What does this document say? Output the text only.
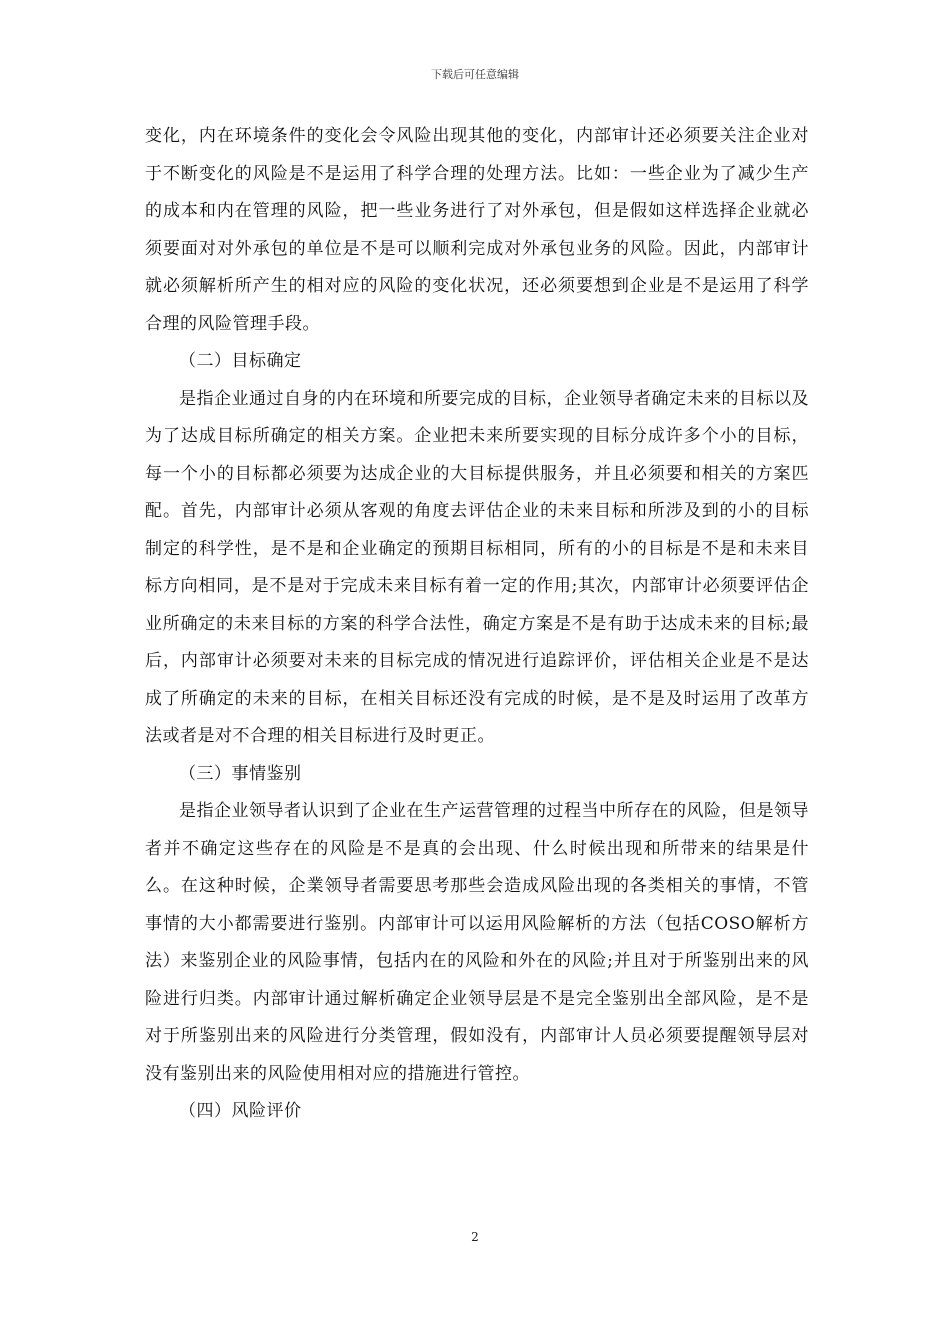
下载后可任意编辑

变化，内在环境条件的变化会令风险出现其他的变化，内部审计还必须要关注企业对于不断变化的风险是不是运用了科学合理的处理方法。比如：一些企业为了减少生产的成本和内在管理的风险，把一些业务进行了对外承包，但是假如这样选择企业就必须要面对对外承包的单位是不是可以顺利完成对外承包业务的风险。因此，内部审计就必须解析所产生的相对应的风险的变化状况，还必须要想到企业是不是运用了科学合理的风险管理手段。

（二）目标确定

是指企业通过自身的内在环境和所要完成的目标，企业领导者确定未来的目标以及为了达成目标所确定的相关方案。企业把未来所要实现的目标分成许多个小的目标，每一个小的目标都必须要为达成企业的大目标提供服务，并且必须要和相关的方案匹配。首先，内部审计必须从客观的角度去评估企业的未来目标和所涉及到的小的目标制定的科学性，是不是和企业确定的预期目标相同，所有的小的目标是不是和未来目标方向相同，是不是对于完成未来目标有着一定的作用;其次，内部审计必须要评估企业所确定的未来目标的方案的科学合法性，确定方案是不是有助于达成未来的目标;最后，内部审计必须要对未来的目标完成的情况进行追踪评价，评估相关企业是不是达成了所确定的未来的目标，在相关目标还没有完成的时候，是不是及时运用了改革方法或者是对不合理的相关目标进行及时更正。

（三）事情鉴别

是指企业领导者认识到了企业在生产运营管理的过程当中所存在的风险，但是领导者并不确定这些存在的风险是不是真的会出现、什么时候出现和所带来的结果是什么。在这种时候，企業领导者需要思考那些会造成风险出现的各类相关的事情，不管事情的大小都需要进行鉴别。内部审计可以运用风险解析的方法（包括COSO解析方法）来鉴别企业的风险事情，包括内在的风险和外在的风险;并且对于所鉴别出来的风险进行归类。内部审计通过解析确定企业领导层是不是完全鉴别出全部风险，是不是对于所鉴别出来的风险进行分类管理，假如没有，内部审计人员必须要提醒领导层对没有鉴别出来的风险使用相对应的措施进行管控。

（四）风险评价
2
